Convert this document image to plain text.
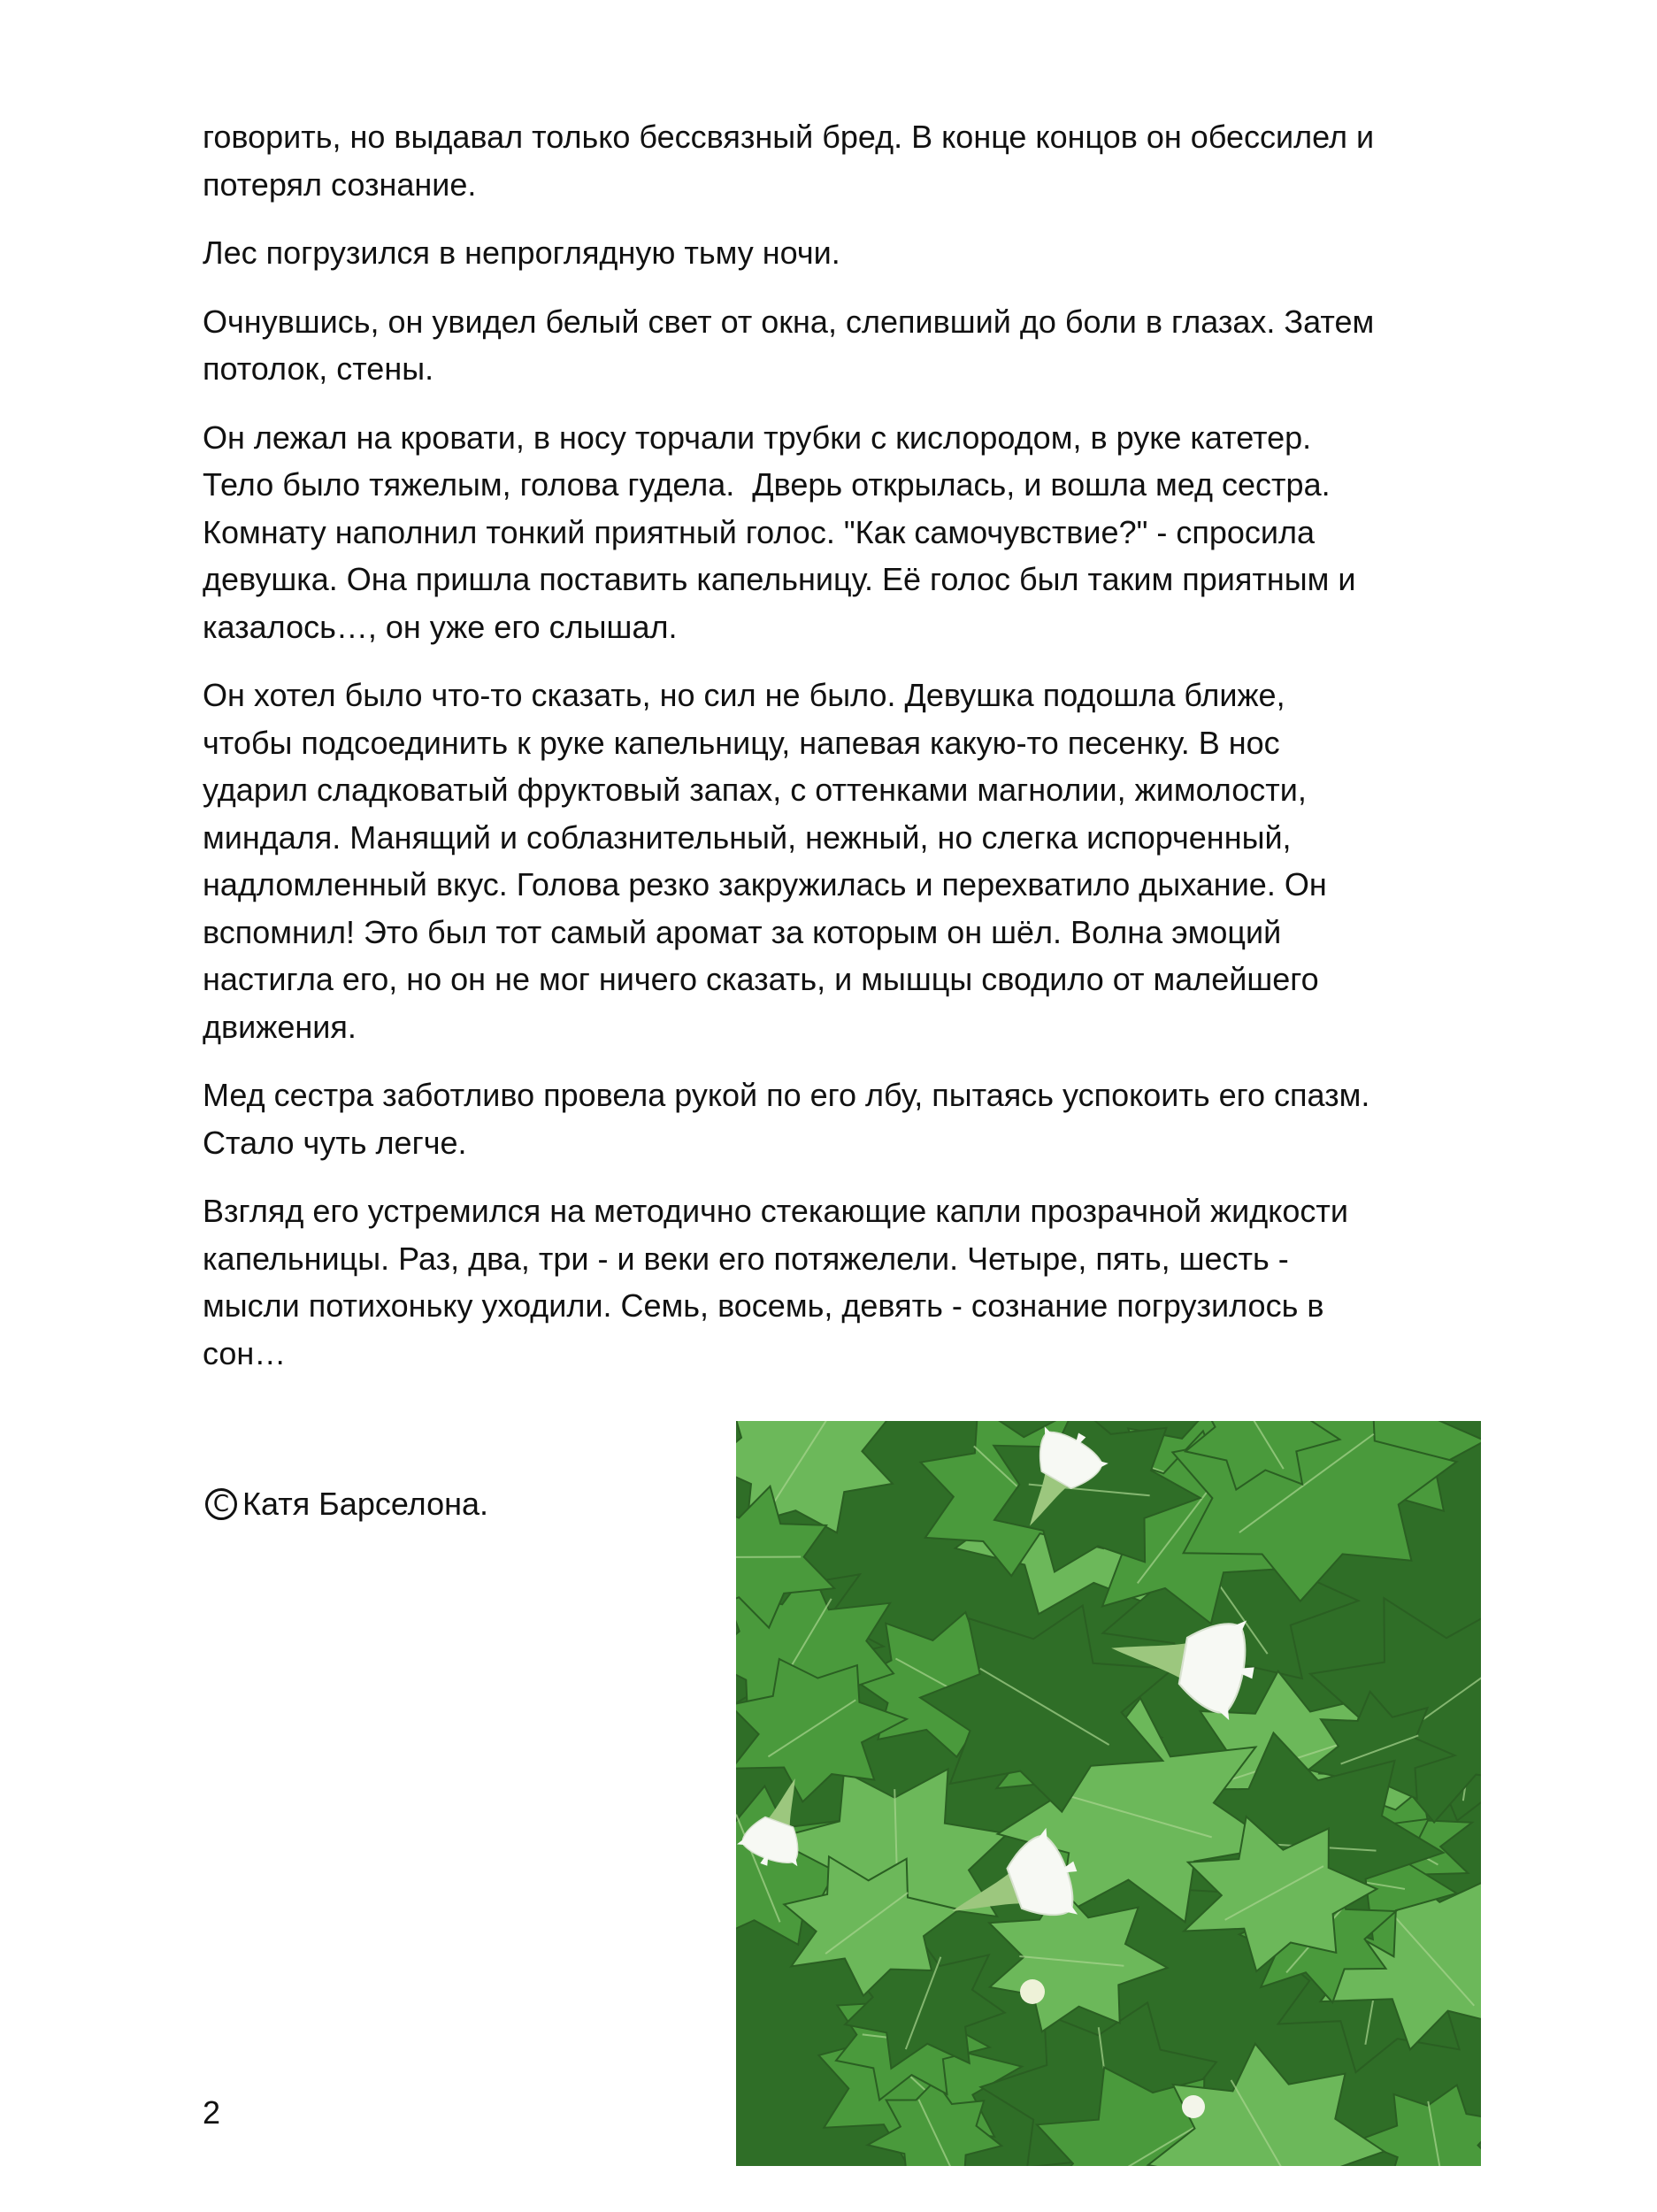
говорить, но выдавал только бессвязный бред. В конце концов он обессилел и
потерял сознание.

Лес погрузился в непроглядную тьму ночи.

Очнувшись, он увидел белый свет от окна, слепивший до боли в глазах. Затем
потолок, стены.

Он лежал на кровати, в носу торчали трубки с кислородом, в руке катетер.
Тело было тяжелым, голова гудела.  Дверь открылась, и вошла мед сестра.
Комнату наполнил тонкий приятный голос. "Как самочувствие?" - спросила
девушка. Она пришла поставить капельницу. Её голос был таким приятным и
казалось…, он уже его слышал.

Он хотел было что-то сказать, но сил не было. Девушка подошла ближе,
чтобы подсоединить к руке капельницу, напевая какую-то песенку. В нос
ударил сладковатый фруктовый запах, с оттенками магнолии, жимолости,
миндаля. Манящий и соблазнительный, нежный, но слегка испорченный,
надломленный вкус. Голова резко закружилась и перехватило дыхание. Он
вспомнил! Это был тот самый аромат за которым он шёл. Волна эмоций
настигла его, но он не мог ничего сказать, и мышцы сводило от малейшего
движения.

Мед сестра заботливо провела рукой по его лбу, пытаясь успокоить его спазм.
Стало чуть легче.

Взгляд его устремился на методично стекающие капли прозрачной жидкости
капельницы. Раз, два, три - и веки его потяжелели. Четыре, пять, шесть -
мысли потихоньку уходили. Семь, восемь, девять - сознание погрузилось в
сон…

C Катя Барселона.
2
